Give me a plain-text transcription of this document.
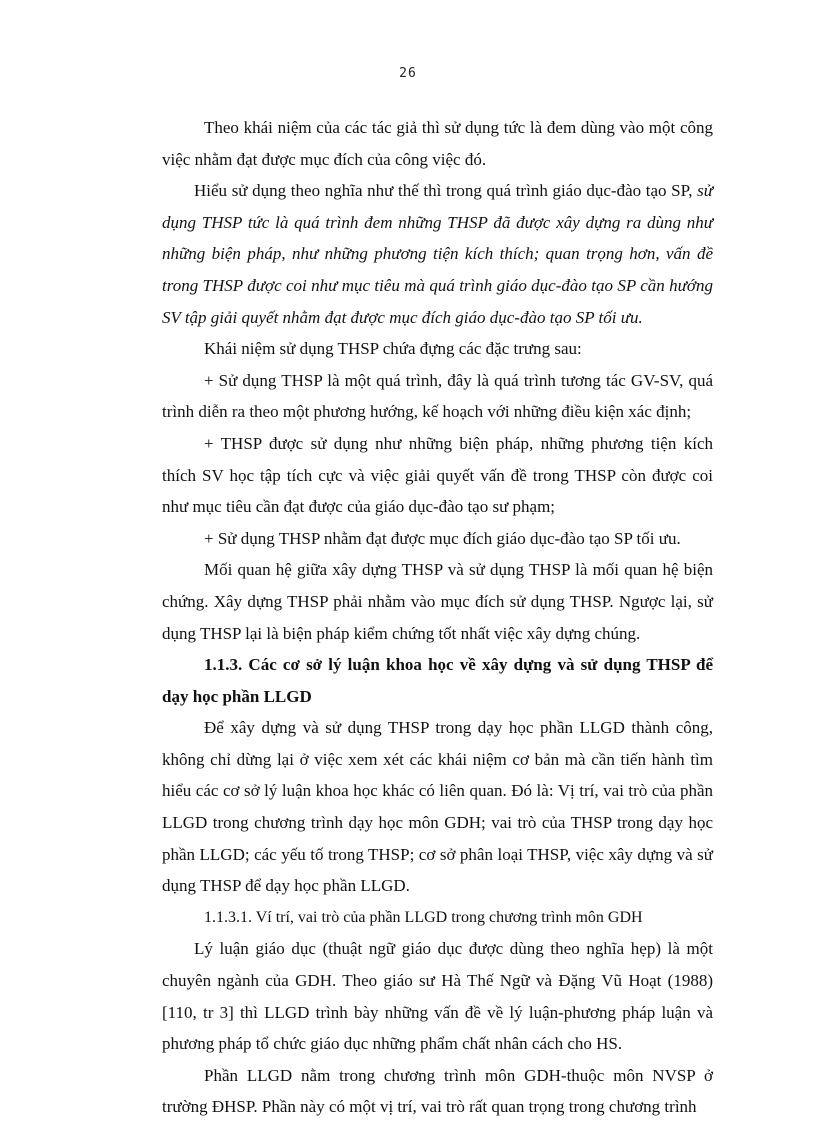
26

Theo khái niệm của các tác giả thì sử dụng tức là đem dùng vào một công việc nhằm đạt được mục đích của công việc đó.

Hiểu sử dụng theo nghĩa như thế thì trong quá trình giáo dục-đào tạo SP, sử dụng THSP tức là quá trình đem những THSP đã được xây dựng ra dùng như những biện pháp, như những phương tiện kích thích; quan trọng hơn, vấn đề trong THSP được coi như mục tiêu mà quá trình giáo dục-đào tạo SP cần hướng SV tập giải quyết nhằm đạt được mục đích giáo dục-đào tạo SP tối ưu.

Khái niệm sử dụng THSP chứa đựng các đặc trưng sau:

+ Sử dụng THSP là một quá trình, đây là quá trình tương tác GV-SV, quá trình diễn ra theo một phương hướng, kế hoạch với những điều kiện xác định;

+ THSP được sử dụng như những biện pháp, những phương tiện kích thích SV học tập tích cực và việc giải quyết vấn đề trong THSP còn được coi như mục tiêu cần đạt được của giáo dục-đào tạo sư phạm;

+ Sử dụng THSP nhằm đạt được mục đích giáo dục-đào tạo SP tối ưu.

Mối quan hệ giữa xây dựng THSP và sử dụng THSP là mối quan hệ biện chứng. Xây dựng THSP phải nhằm vào mục đích sử dụng THSP. Ngược lại, sử dụng THSP lại là biện pháp kiểm chứng tốt nhất việc xây dựng chúng.

1.1.3. Các cơ sở lý luận khoa học về xây dựng và sử dụng THSP để dạy học phần LLGD

Để xây dựng và sử dụng THSP trong dạy học phần LLGD thành công, không chỉ dừng lại ở việc xem xét các khái niệm cơ bản mà cần tiến hành tìm hiểu các cơ sở lý luận khoa học khác có liên quan. Đó là: Vị trí, vai trò của phần LLGD trong chương trình dạy học môn GDH; vai trò của THSP trong dạy học phần LLGD; các yếu tố trong THSP; cơ sở phân loại THSP, việc xây dựng và sử dụng THSP để dạy học phần LLGD.

1.1.3.1. Ví trí, vai trò của phần LLGD trong chương trình môn GDH

Lý luận giáo dục (thuật ngữ giáo dục được dùng theo nghĩa hẹp) là một chuyên ngành của GDH. Theo giáo sư Hà Thế Ngữ và Đặng Vũ Hoạt (1988) [110, tr 3] thì LLGD trình bày những vấn đề về lý luận-phương pháp luận và phương pháp tổ chức giáo dục những phẩm chất nhân cách cho HS.

Phần LLGD nằm trong chương trình môn GDH-thuộc môn NVSP ở trường ĐHSP. Phần này có một vị trí, vai trò rất quan trọng trong chương trình
